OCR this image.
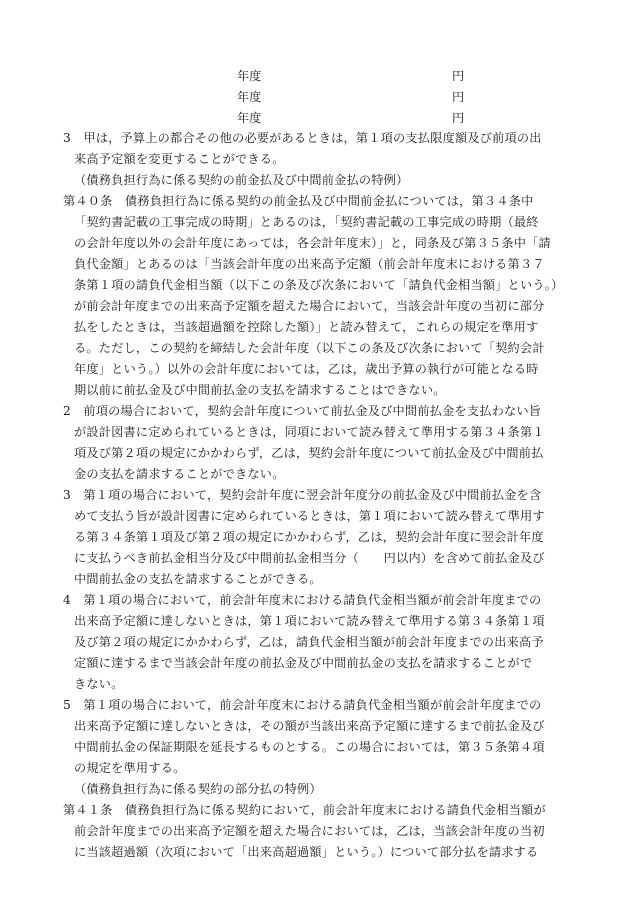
年度	円
年度	円
年度	円
3　甲は，予算上の都合その他の必要があるときは，第１項の支払限度額及び前項の出
来高予定額を変更することができる。
（債務負担行為に係る契約の前金払及び中間前金払の特例）
第４０条　債務負担行為に係る契約の前金払及び中間前金払については，第３４条中
「契約書記載の工事完成の時期」とあるのは，「契約書記載の工事完成の時期（最終
の会計年度以外の会計年度にあっては，各会計年度末）」と，同条及び第３５条中「請
負代金額」とあるのは「当該会計年度の出来高予定額（前会計年度末における第３７
条第１項の請負代金相当額（以下この条及び次条において「請負代金相当額」という。）
が前会計年度までの出来高予定額を超えた場合において，当該会計年度の当初に部分
払をしたときは，当該超過額を控除した額）」と読み替えて，これらの規定を準用す
る。ただし，この契約を締結した会計年度（以下この条及び次条において「契約会計
年度」という。）以外の会計年度においては，乙は，歳出予算の執行が可能となる時
期以前に前払金及び中間前払金の支払を請求することはできない。
2　前項の場合において，契約会計年度について前払金及び中間前払金を支払わない旨
が設計図書に定められているときは，同項において読み替えて準用する第３４条第１
項及び第２項の規定にかかわらず，乙は，契約会計年度について前払金及び中間前払
金の支払を請求することができない。
3　第１項の場合において，契約会計年度に翌会計年度分の前払金及び中間前払金を含
めて支払う旨が設計図書に定められているときは，第１項において読み替えて準用す
る第３４条第１項及び第２項の規定にかかわらず，乙は，契約会計年度に翌会計年度
に支払うべき前払金相当分及び中間前払金相当分（　　円以内）を含めて前払金及び
中間前払金の支払を請求することができる。
4　第１項の場合において，前会計年度末における請負代金相当額が前会計年度までの
出来高予定額に達しないときは，第１項において読み替えて準用する第３４条第１項
及び第２項の規定にかかわらず，乙は，請負代金相当額が前会計年度までの出来高予
定額に達するまで当該会計年度の前払金及び中間前払金の支払を請求することがで
きない。
5　第１項の場合において，前会計年度末における請負代金相当額が前会計年度までの
出来高予定額に達しないときは，その額が当該出来高予定額に達するまで前払金及び
中間前払金の保証期限を延長するものとする。この場合においては，第３５条第４項
の規定を準用する。
（債務負担行為に係る契約の部分払の特例）
第４１条　債務負担行為に係る契約において，前会計年度末における請負代金相当額が
前会計年度までの出来高予定額を超えた場合においては，乙は，当該会計年度の当初
に当該超過額（次項において「出来高超過額」という。）について部分払を請求する
